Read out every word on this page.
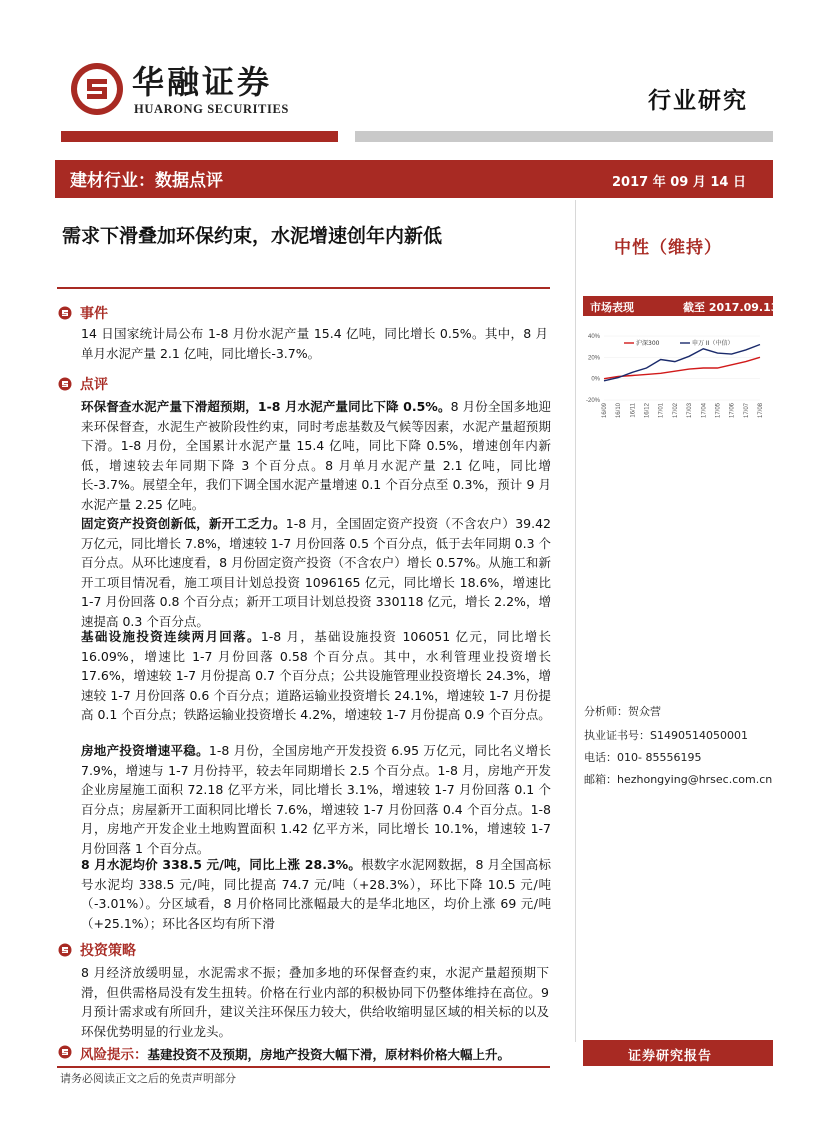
华融证券
HUARONG SECURITIES	行业研究
建材行业：数据点评	2017 年 09 月 14 日
需求下滑叠加环保约束，水泥增速创年内新低
中性（维持）
事件
14 日国家统计局公布 1-8 月份水泥产量 15.4 亿吨，同比增长 0.5%。其中，8 月单月水泥产量 2.1 亿吨，同比增长-3.7%。
点评
环保督查水泥产量下滑超预期，1-8 月水泥产量同比下降 0.5%。8 月份全国多地迎来环保督查，水泥生产被阶段性约束，同时考虑基数及气候等因素，水泥产量超预期下滑。1-8 月份，全国累计水泥产量 15.4 亿吨，同比下降 0.5%，增速创年内新低，增速较去年同期下降 3 个百分点。8 月单月水泥产量 2.1 亿吨，同比增长-3.7%。展望全年，我们下调全国水泥产量增速 0.1 个百分点至 0.3%，预计 9 月水泥产量 2.25 亿吨。
固定资产投资创新低，新开工乏力。1-8 月，全国固定资产投资（不含农户）39.42 万亿元，同比增长 7.8%，增速较 1-7 月份回落 0.5 个百分点，低于去年同期 0.3 个百分点。从环比速度看，8 月份固定资产投资（不含农户）增长 0.57%。从施工和新开工项目情况看，施工项目计划总投资 1096165 亿元，同比增长 18.6%，增速比 1-7 月份回落 0.8 个百分点；新开工项目计划总投资 330118 亿元，增长 2.2%，增速提高 0.3 个百分点。
基础设施投资连续两月回落。1-8 月，基础设施投资 106051 亿元，同比增长 16.09%，增速比 1-7 月份回落 0.58 个百分点。其中，水利管理业投资增长 17.6%，增速较 1-7 月份提高 0.7 个百分点；公共设施管理业投资增长 24.3%，增速较 1-7 月份回落 0.6 个百分点；道路运输业投资增长 24.1%，增速较 1-7 月份提高 0.1 个百分点；铁路运输业投资增长 4.2%，增速较 1-7 月份提高 0.9 个百分点。
房地产投资增速平稳。1-8 月份，全国房地产开发投资 6.95 万亿元，同比名义增长 7.9%，增速与 1-7 月份持平，较去年同期增长 2.5 个百分点。1-8 月，房地产开发企业房屋施工面积 72.18 亿平方米，同比增长 3.1%，增速较 1-7 月份回落 0.1 个百分点；房屋新开工面积同比增长 7.6%，增速较 1-7 月份回落 0.4 个百分点。1-8 月，房地产开发企业土地购置面积 1.42 亿平方米，同比增长 10.1%，增速较 1-7 月份回落 1 个百分点。
8 月水泥均价 338.5 元/吨，同比上涨 28.3%。根数字水泥网数据，8 月全国高标号水泥均 338.5 元/吨，同比提高 74.7 元/吨（+28.3%），环比下降 10.5 元/吨（-3.01%）。分区域看，8 月价格同比涨幅最大的是华北地区，均价上涨 69 元/吨（+25.1%）；环比各区均有所下滑
投资策略
8 月经济放缓明显，水泥需求不振；叠加多地的环保督查约束，水泥产量超预期下滑，但供需格局没有发生扭转。价格在行业内部的积极协同下仍整体维持在高位。9 月预计需求或有所回升，建议关注环保压力较大，供给收缩明显区域的相关标的以及环保优势明显的行业龙头。
风险提示：基建投资不及预期，房地产投资大幅下滑，原材料价格大幅上升。
市场表现	截至 2017.09.13
40%
20%
0%
-20%
16/09 16/10 16/11 16/12 17/01 17/02 17/03 17/04 17/05 17/06 17/07 17/08
沪深300	申万 II（中信）
分析师：贺众营
执业证书号：S1490514050001
电话：010- 85556195
邮箱：hezhongying@hrsec.com.cn
证券研究报告
请务必阅读正文之后的免责声明部分
